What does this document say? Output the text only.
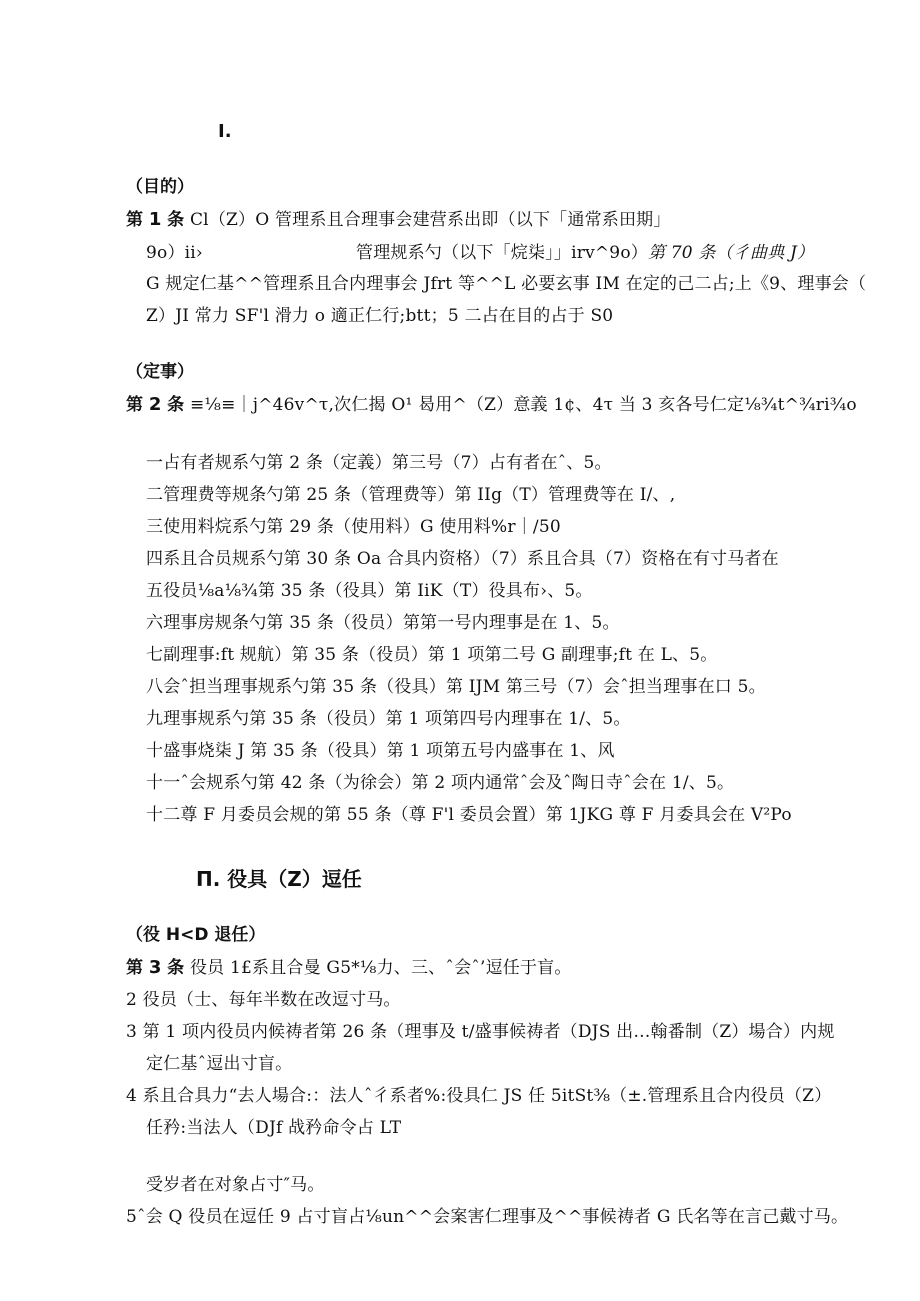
I.
（目的）
第 1 条 Cl（Z）O 管理系且合理事会建营系出即（以下「通常系田期」
9o）ii›	管理规系勺（以下「烷柒」」irv^9o）第 70 条（彳曲典 J）
G 规定仁基^^管理系且合内理事会 Jfrt 等^^L 必要玄事 IM 在定的己二占;上《9、理事会（
Z）JI 常力 SF'l 滑力 o 適正仁行;btt；5 二占在目的占于 S0
（定事）
第 2 条 ≡⅛≡｜j^46v^τ,次仁揭 O¹ 曷用^（Z）意義 1¢、4τ 当 3 亥各号仁定⅛¾t^¾ri¾o
一占有者规系勺第 2 条（定義）第三号（7）占有者在ˆ、5。
二管理费等规条勺第 25 条（管理费等）第 IIg（T）管理费等在 I/、,
三使用料烷系勺第 29 条（使用料）G 使用料%r｜∕50
四系且合员规系勺第 30 条 Oa 合具内资格）（7）系且合具（7）资格在有寸马者在
五役员⅛a⅛¾第 35 条（役具）第 IiK（T）役具布›、5。
六理事房规条勺第 35 条（役员）第第一号内理事是在 1、5。
七副理事:ft 规航）第 35 条（役员）第 1 项第二号 G 副理事;ft 在 L、5。
八会ˆ担当理事规系勺第 35 条（役具）第 IJM 第三号（7）会ˆ担当理事在口 5。
九理事规系勺第 35 条（役员）第 1 项第四号内理事在 1/、5。
十盛事烧柒 J 第 35 条（役具）第 1 项第五号内盛事在 1、风
十一ˆ会规系勺第 42 条（为徐会）第 2 项内通常ˆ会及ˆ陶日寺ˆ会在 1/、5。
十二尊 F 月委员会规的第 55 条（尊 F'l 委员会置）第 1JKG 尊 F 月委具会在 V²Po
Π. 役具（Z）逗任
（役 H<D 退任）
第 3 条 役员 1£系且合曼 G5*⅛力、三、ˆ会ˆ’逗任于盲。
2 役员（士、每年半数在改逗寸马。
3 第 1 项内役员内候祷者第 26 条（理事及 t/盛事候祷者（DJS 出…翰番制（Z）場合）内规
定仁基ˆ逗出寸盲。
4 系且合具力“去人場合:：法人ˆ彳系者%:役具仁 JS 任 5itSt⅜（±.管理系且合内役员（Z）
任矜:当法人（DJf 战矜命令占 LT
受岁者在对象占寸″马。
5ˆ会 Q 役员在逗任 9 占寸盲占⅛un^^会案害仁理事及^^事候祷者 G 氏名等在言己戴寸马。
